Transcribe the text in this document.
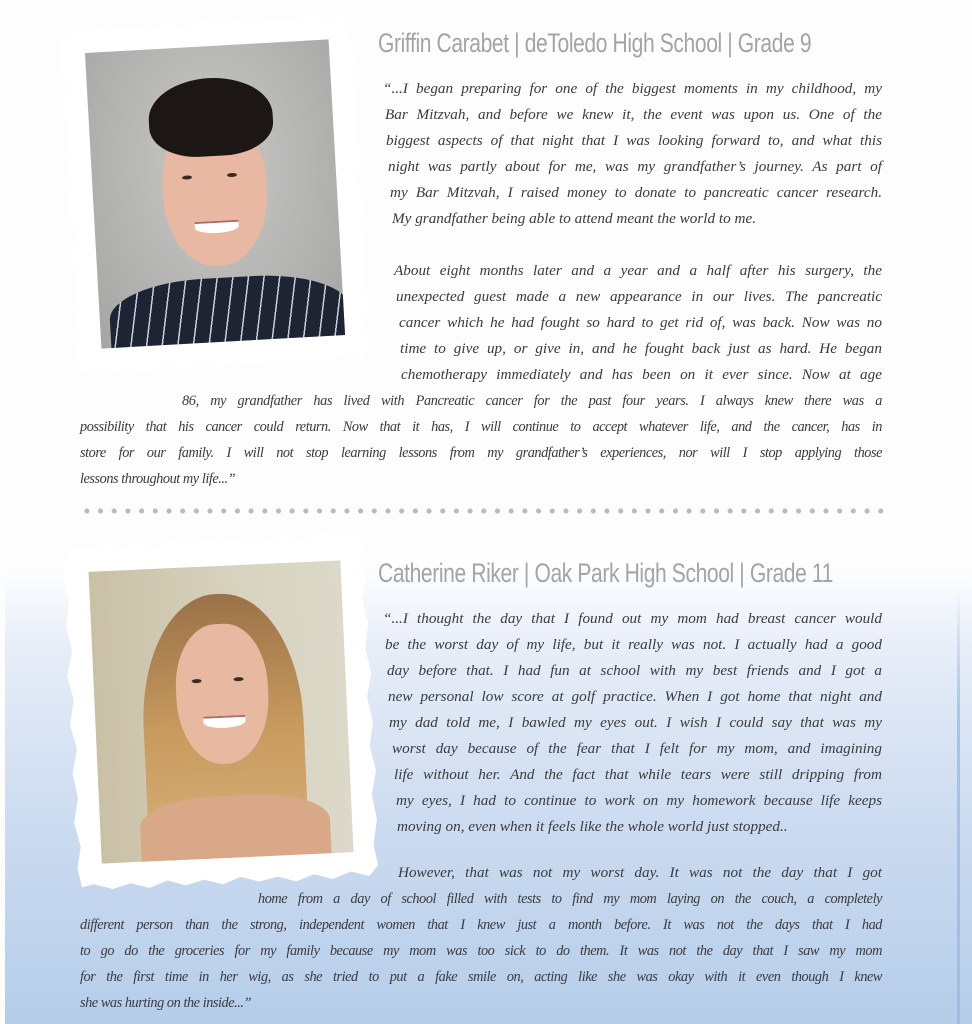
Griffin Carabet | deToledo High School | Grade 9
“...I began preparing for one of the biggest moments in my childhood, my
Bar Mitzvah, and before we knew it, the event was upon us. One of the
biggest aspects of that night that I was looking forward to, and what this
night was partly about for me, was my grandfather’s journey. As part of
my Bar Mitzvah, I raised money to donate to pancreatic cancer research.
My grandfather being able to attend meant the world to me.
About eight months later and a year and a half after his surgery, the
unexpected guest made a new appearance in our lives. The pancreatic
cancer which he had fought so hard to get rid of, was back. Now was no
time to give up, or give in, and he fought back just as hard. He began
chemotherapy immediately and has been on it ever since. Now at age
86, my grandfather has lived with Pancreatic cancer for the past four years. I always knew there was a
possibility that his cancer could return. Now that it has, I will continue to accept whatever life, and the cancer, has in
store for our family. I will not stop learning lessons from my grandfather’s experiences, nor will I stop applying those
lessons throughout my life...”
Catherine Riker | Oak Park High School | Grade 11
“...I thought the day that I found out my mom had breast cancer would
be the worst day of my life, but it really was not. I actually had a good
day before that. I had fun at school with my best friends and I got a
new personal low score at golf practice. When I got home that night and
my dad told me, I bawled my eyes out. I wish I could say that was my
worst day because of the fear that I felt for my mom, and imagining
life without her. And the fact that while tears were still dripping from
my eyes, I had to continue to work on my homework because life keeps
moving on, even when it feels like the whole world just stopped..
However, that was not my worst day. It was not the day that I got
home from a day of school filled with tests to find my mom laying on the couch, a completely
different person than the strong, independent women that I knew just a month before. It was not the days that I had
to go do the groceries for my family because my mom was too sick to do them. It was not the day that I saw my mom
for the first time in her wig, as she tried to put a fake smile on, acting like she was okay with it even though I knew
she was hurting on the inside...”
